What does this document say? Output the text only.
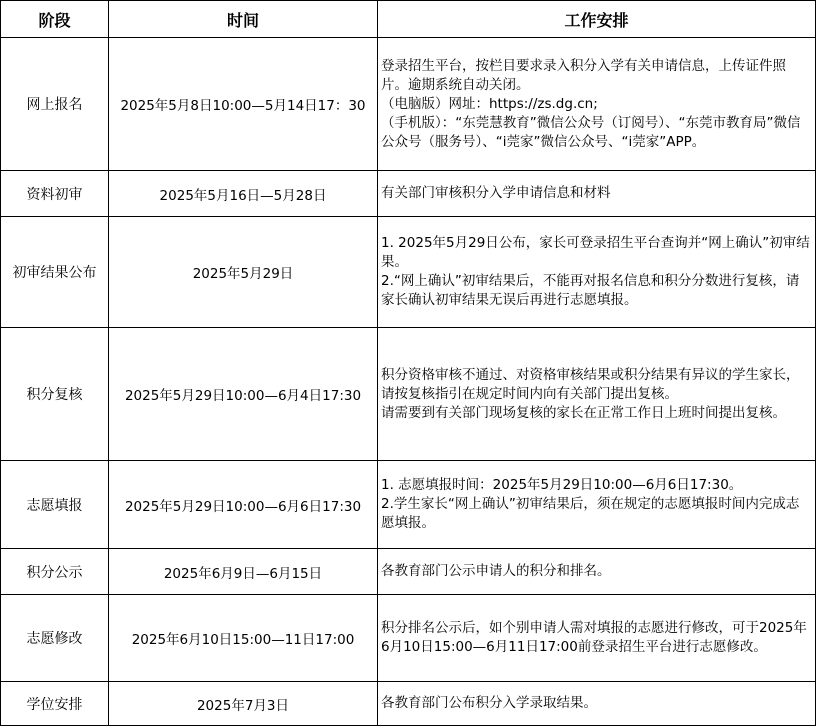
阶段	时间	工作安排
网上报名	2025年5月8日10:00—5月14日17：30	登录招生平台，按栏目要求录入积分入学有关申请信息，上传证件照片。逾期系统自动关闭。
（电脑版）网址：https://zs.dg.cn;
（手机版）：“东莞慧教育”微信公众号（订阅号）、“东莞市教育局”微信公众号（服务号）、“i莞家”微信公众号、“i莞家”APP。

资料初审	2025年5月16日—5月28日	有关部门审核积分入学申请信息和材料

初审结果公布	2025年5月29日	1. 2025年5月29日公布，家长可登录招生平台查询并“网上确认”初审结果。
2.“网上确认”初审结果后，不能再对报名信息和积分分数进行复核，请家长确认初审结果无误后再进行志愿填报。

积分复核	2025年5月29日10:00—6月4日17:30	积分资格审核不通过、对资格审核结果或积分结果有异议的学生家长，请按复核指引在规定时间内向有关部门提出复核。
请需要到有关部门现场复核的家长在正常工作日上班时间提出复核。

志愿填报	2025年5月29日10:00—6月6日17:30	1. 志愿填报时间：2025年5月29日10:00—6月6日17:30。
2.学生家长“网上确认”初审结果后，须在规定的志愿填报时间内完成志愿填报。

积分公示	2025年6月9日—6月15日	各教育部门公示申请人的积分和排名。

志愿修改	2025年6月10日15:00—11日17:00	积分排名公示后，如个别申请人需对填报的志愿进行修改，可于2025年6月10日15:00—6月11日17:00前登录招生平台进行志愿修改。

学位安排	2025年7月3日	各教育部门公布积分入学录取结果。
